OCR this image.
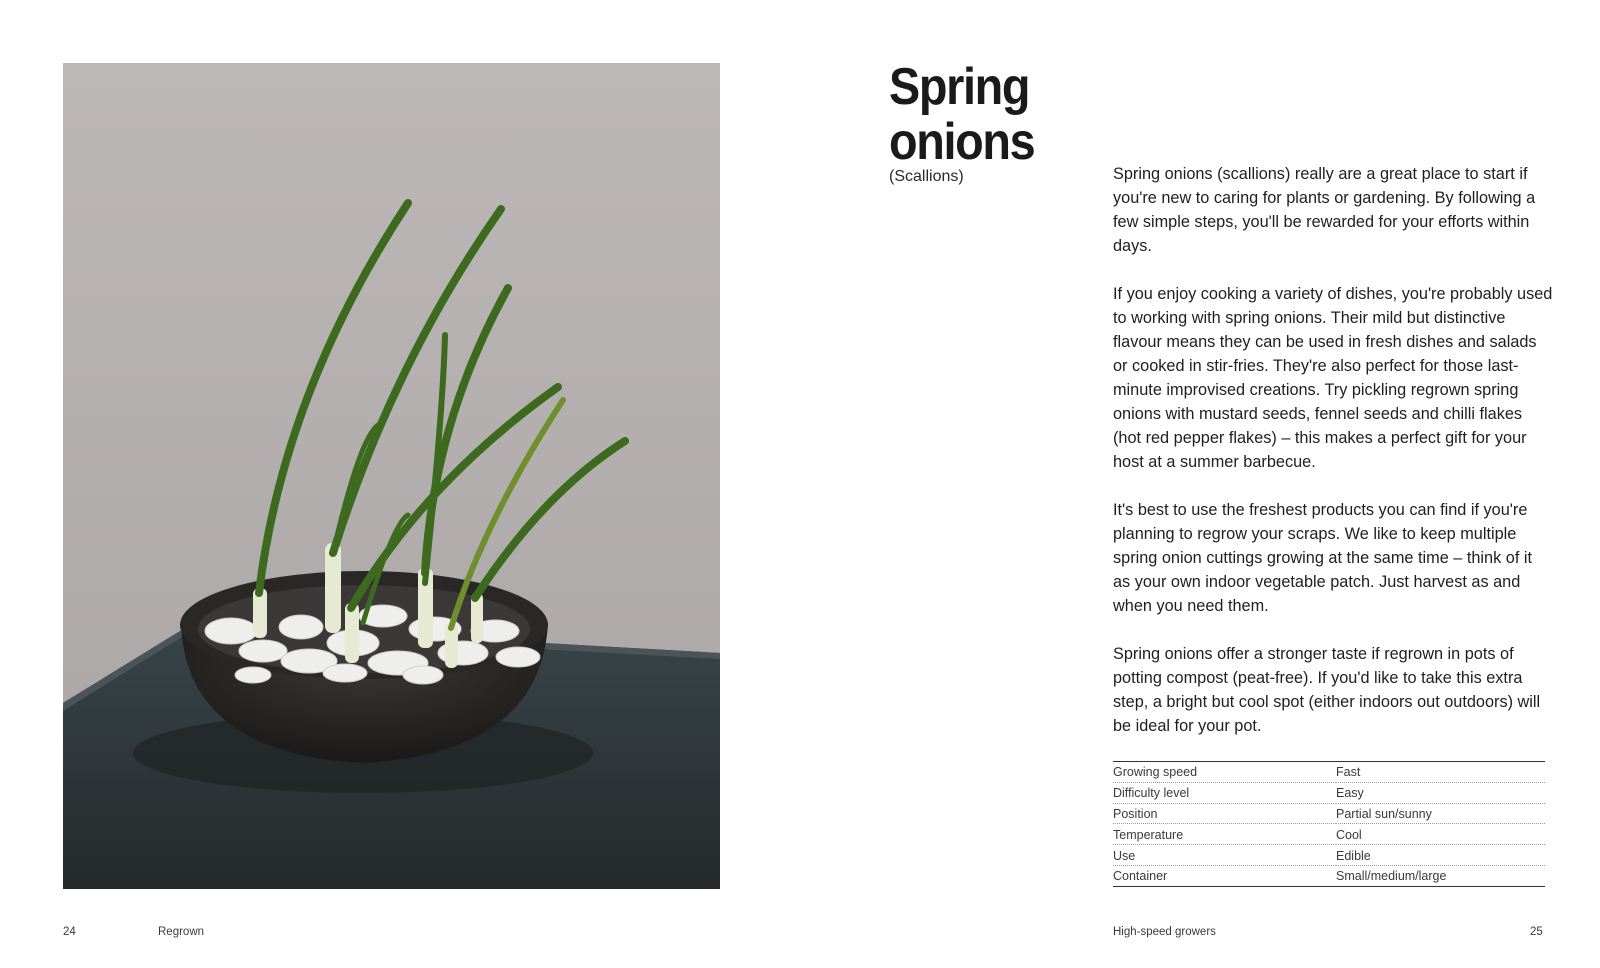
24	Regrown
Spring
onions
(Scallions)	Spring onions (scallions) really are a great place to start if you're new to caring for plants or gardening. By following a few simple steps, you'll be rewarded for your efforts within days.

If you enjoy cooking a variety of dishes, you're probably used to working with spring onions. Their mild but distinctive flavour means they can be used in fresh dishes and salads or cooked in stir-fries. They're also perfect for those last-minute improvised creations. Try pickling regrown spring onions with mustard seeds, fennel seeds and chilli flakes (hot red pepper flakes) – this makes a perfect gift for your host at a summer barbecue.

It's best to use the freshest products you can find if you're planning to regrow your scraps. We like to keep multiple spring onion cuttings growing at the same time – think of it as your own indoor vegetable patch. Just harvest as and when you need them.

Spring onions offer a stronger taste if regrown in pots of potting compost (peat-free). If you'd like to take this extra step, a bright but cool spot (either indoors out outdoors) will be ideal for your pot.

Growing speed	Fast
Difficulty level	Easy
Position	Partial sun/sunny
Temperature	Cool
Use	Edible
Container	Small/medium/large
High-speed growers	25
